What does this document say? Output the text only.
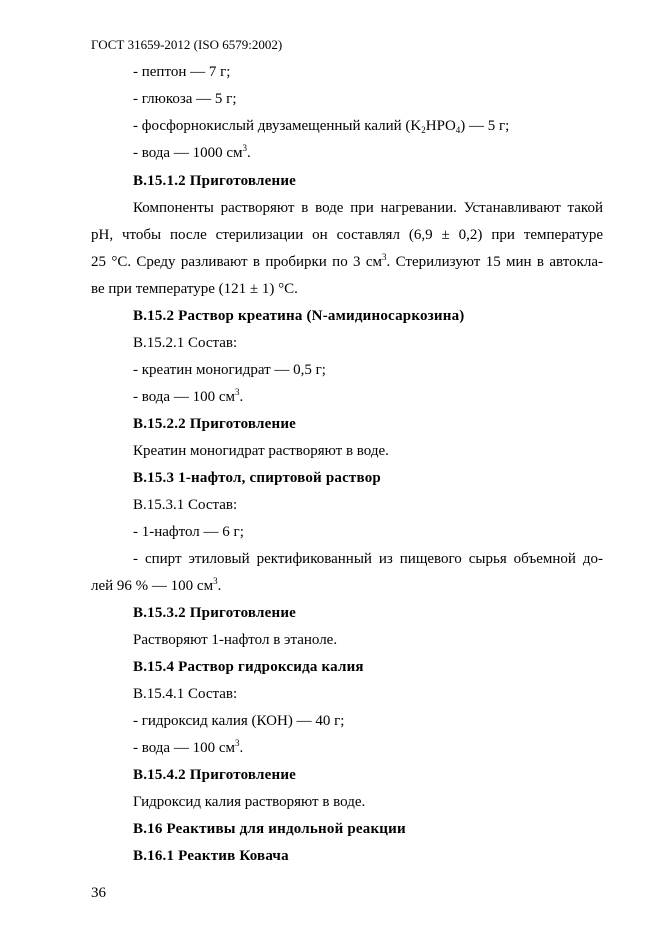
ГОСТ 31659-2012 (ISO 6579:2002)
- пептон — 7 г;
- глюкоза — 5 г;
- фосфорнокислый двузамещенный калий $(K_2HPO_4)$ — 5 г;
- вода — 1000 $см^3$.
В.15.1.2 Приготовление
Компоненты растворяют в воде при нагревании. Устанавливают такой
рН, чтобы после стерилизации он составлял (6,9 ± 0,2) при температуре
25 °С. Среду разливают в пробирки по 3 $см^3$. Стерилизуют 15 мин в автокла-
ве при температуре (121 ± 1) °С.
В.15.2 Раствор креатина (N-амидиносаркозина)
В.15.2.1 Состав:
- креатин моногидрат — 0,5 г;
- вода — 100 $см^3$.
В.15.2.2 Приготовление
Креатин моногидрат растворяют в воде.
В.15.3 1-нафтол, спиртовой раствор
В.15.3.1 Состав:
- 1-нафтол — 6 г;
- спирт этиловый ректификованный из пищевого сырья объемной до-
лей 96 % — 100 $см^3$.
В.15.3.2 Приготовление
Растворяют 1-нафтол в этаноле.
В.15.4 Раствор гидроксида калия
В.15.4.1 Состав:
- гидроксид калия (КОН) — 40 г;
- вода — 100 $см^3$.
В.15.4.2 Приготовление
Гидроксид калия растворяют в воде.
В.16 Реактивы для индольной реакции
В.16.1 Реактив Ковача
36
